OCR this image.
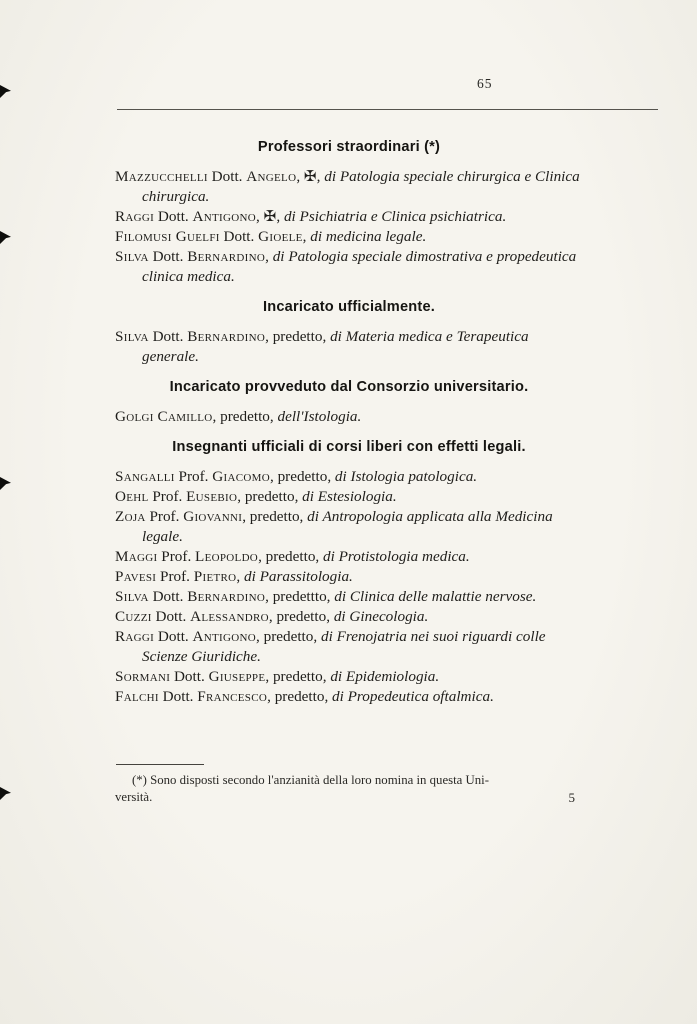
65
Professori straordinari (*)

Mazzucchelli Dott. Angelo, ✠, di Patologia speciale chirurgica e Clinica chirurgica.

Raggi Dott. Antigono, ✠, di Psichiatria e Clinica psichiatrica.

Filomusi Guelfi Dott. Gioele, di medicina legale.

Silva Dott. Bernardino, di Patologia speciale dimostrativa e propedeutica clinica medica.

Incaricato ufficialmente.

Silva Dott. Bernardino, predetto, di Materia medica e Terapeutica generale.

Incaricato provveduto dal Consorzio universitario.

Golgi Camillo, predetto, dell'Istologia.

Insegnanti ufficiali di corsi liberi con effetti legali.

Sangalli Prof. Giacomo, predetto, di Istologia patologica.

Oehl Prof. Eusebio, predetto, di Estesiologia.

Zoja Prof. Giovanni, predetto, di Antropologia applicata alla Medicina legale.

Maggi Prof. Leopoldo, predetto, di Protistologia medica.

Pavesi Prof. Pietro, di Parassitologia.

Silva Dott. Bernardino, predettto, di Clinica delle malattie nervose.

Cuzzi Dott. Alessandro, predetto, di Ginecologia.

Raggi Dott. Antigono, predetto, di Frenojatria nei suoi riguardi colle Scienze Giuridiche.

Sormani Dott. Giuseppe, predetto, di Epidemiologia.

Falchi Dott. Francesco, predetto, di Propedeutica oftalmica.

(*) Sono disposti secondo l'anzianità della loro nomina in questa Uni-
versità.	5
